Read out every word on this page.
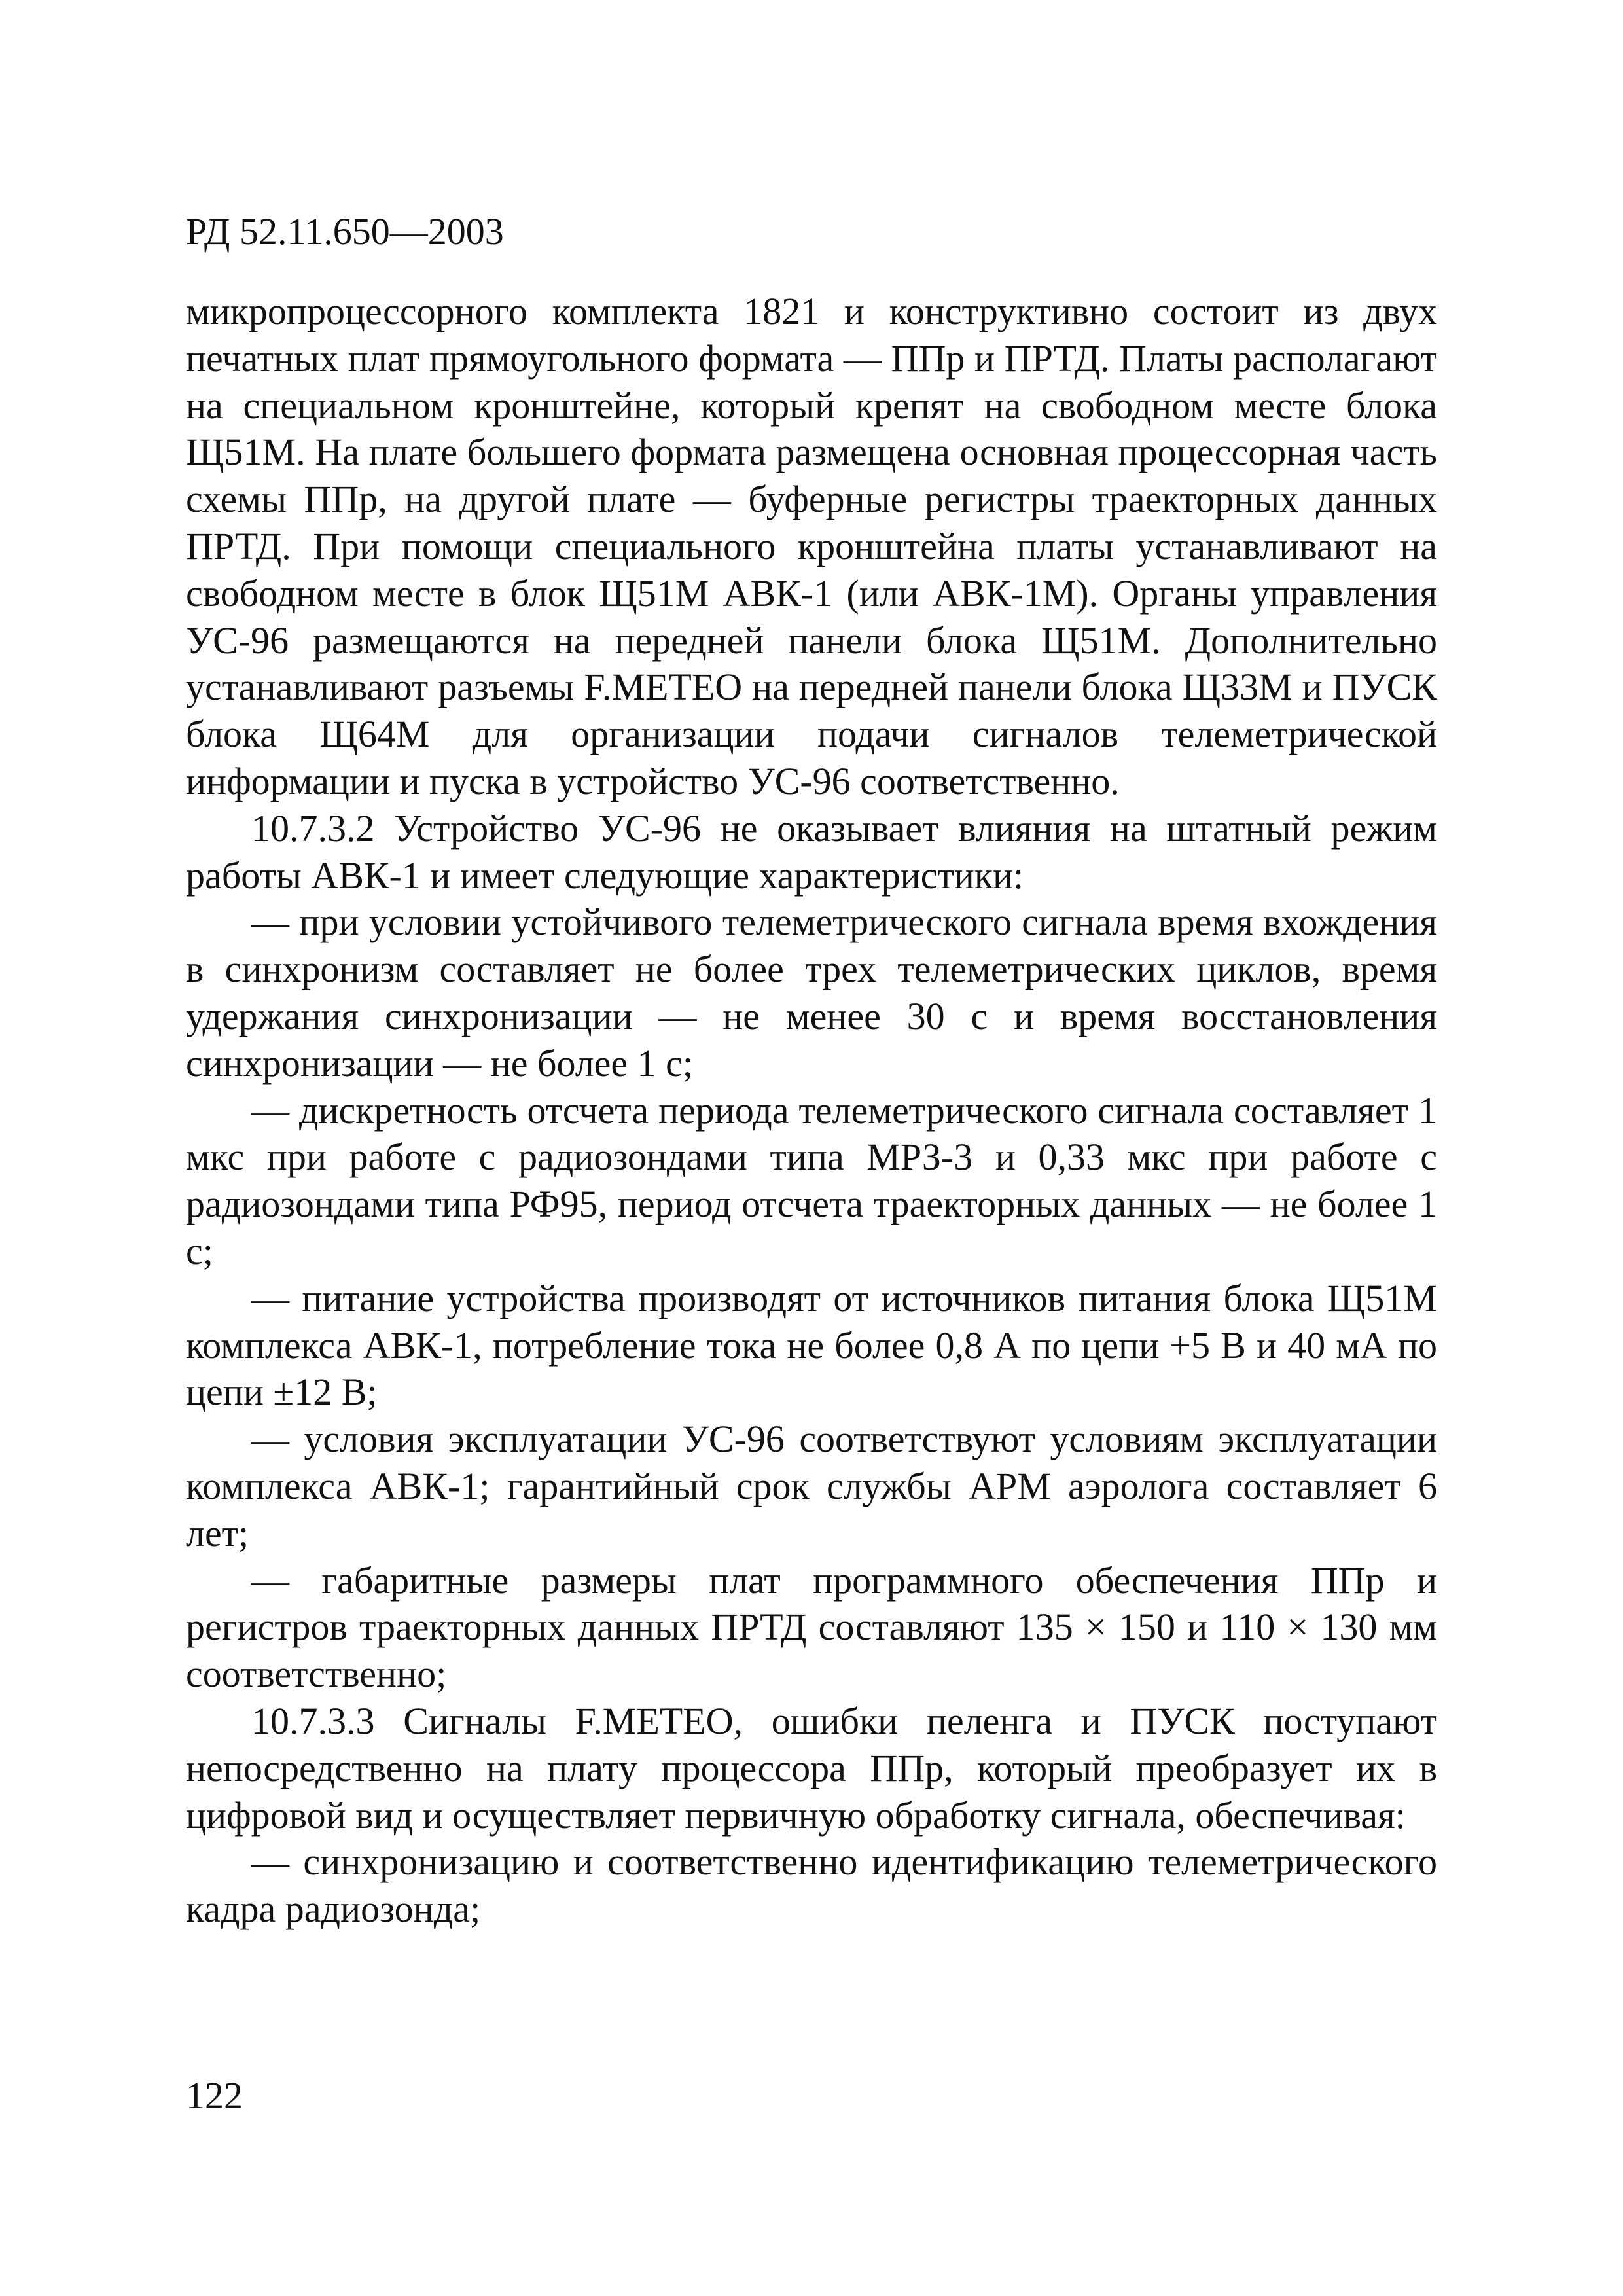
РД 52.11.650—2003

микропроцессорного комплекта 1821 и конструктивно состоит из двух печатных плат прямоугольного формата — ППр и ПРТД. Платы располагают на специальном кронштейне, который крепят на свободном месте блока Щ51М. На плате большего формата размещена основная процессорная часть схемы ППр, на другой плате — буферные регистры траекторных данных ПРТД. При помощи специального кронштейна платы устанавливают на свободном месте в блок Щ51М АВК-1 (или АВК-1М). Органы управления УС-96 размещаются на передней панели блока Щ51М. Дополнительно устанавливают разъемы F.METEO на передней панели блока Щ33М и ПУСК блока Щ64М для организации подачи сигналов телеметрической информации и пуска в устройство УС-96 соответственно.

10.7.3.2 Устройство УС-96 не оказывает влияния на штатный режим работы АВК-1 и имеет следующие характеристики:

— при условии устойчивого телеметрического сигнала время вхождения в синхронизм составляет не более трех телеметрических циклов, время удержания синхронизации — не менее 30 с и время восстановления синхронизации — не более 1 с;

— дискретность отсчета периода телеметрического сигнала составляет 1 мкс при работе с радиозондами типа МРЗ-3 и 0,33 мкс при работе с радиозондами типа РФ95, период отсчета траекторных данных — не более 1 с;

— питание устройства производят от источников питания блока Щ51М комплекса АВК-1, потребление тока не более 0,8 А по цепи +5 В и 40 мА по цепи ±12 В;

— условия эксплуатации УС-96 соответствуют условиям эксплуатации комплекса АВК-1; гарантийный срок службы АРМ аэролога составляет 6 лет;

— габаритные размеры плат программного обеспечения ППр и регистров траекторных данных ПРТД составляют 135 × 150 и 110 × 130 мм соответственно;

10.7.3.3 Сигналы F.METEO, ошибки пеленга и ПУСК поступают непосредственно на плату процессора ППр, который преобразует их в цифровой вид и осуществляет первичную обработку сигнала, обеспечивая:

— синхронизацию и соответственно идентификацию телеметрического кадра радиозонда;

122
